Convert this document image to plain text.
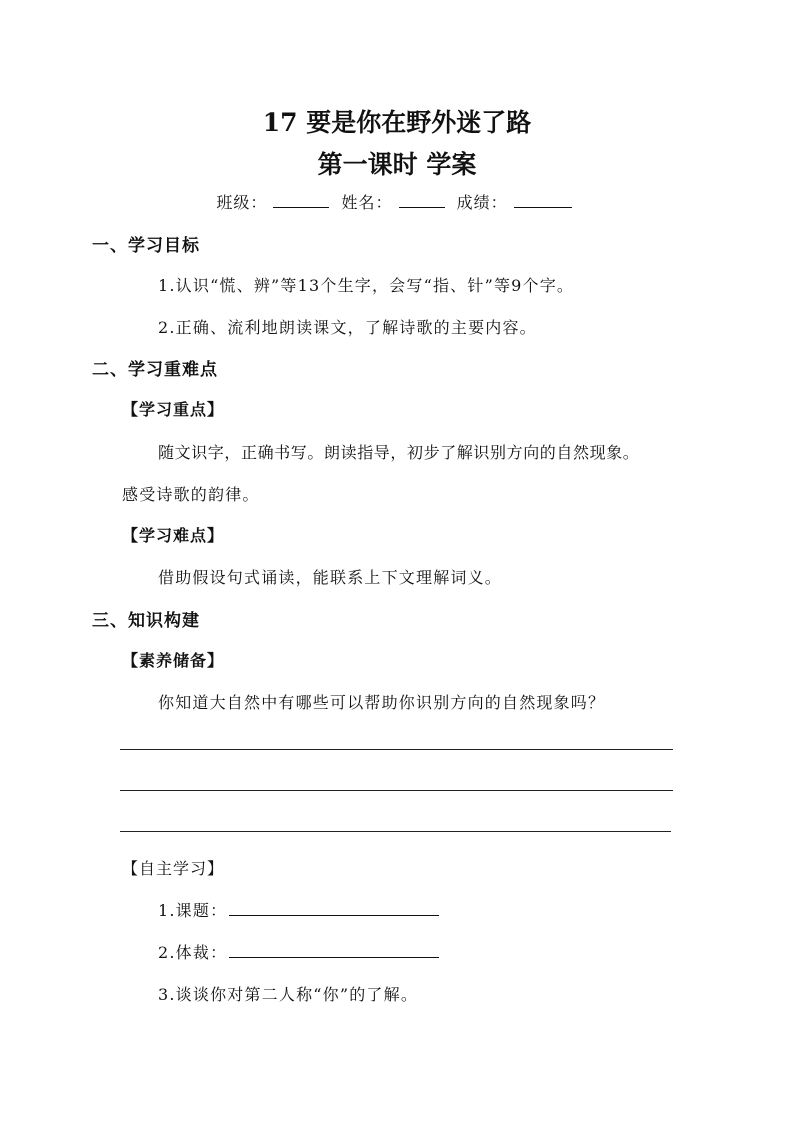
17 要是你在野外迷了路
第一课时 学案
班级：	姓名：	成绩：
一、学习目标
1.认识“慌、辨”等13个生字，会写“指、针”等9个字。
2.正确、流利地朗读课文，了解诗歌的主要内容。
二、学习重难点
【学习重点】
随文识字，正确书写。朗读指导，初步了解识别方向的自然现象。
感受诗歌的韵律。
【学习难点】
借助假设句式诵读，能联系上下文理解词义。
三、知识构建
【素养储备】
你知道大自然中有哪些可以帮助你识别方向的自然现象吗？
【自主学习】
1.课题：
2.体裁：
3.谈谈你对第二人称“你”的了解。
